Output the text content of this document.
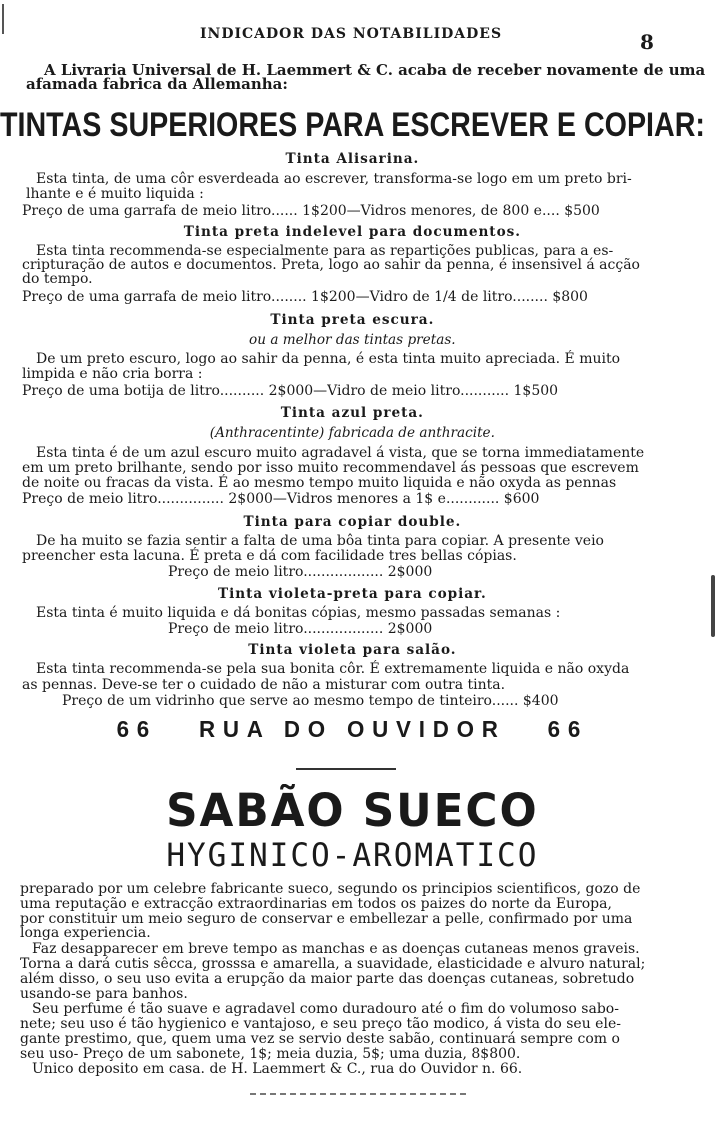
INDICADOR DAS NOTABILIDADES	8
A Livraria Universal de H. Laemmert & C. acaba de receber novamente de uma
afamada fabrica da Allemanha:
TINTAS SUPERIORES PARA ESCREVER E COPIAR:
Tinta Alisarina.
Esta tinta, de uma côr esverdeada ao escrever, transforma-se logo em um preto bri-
lhante e é muito liquida :
Preço de uma garrafa de meio litro...... 1$200—Vidros menores, de 800 e.... $500
Tinta preta indelevel para documentos.
Esta tinta recommenda-se especialmente para as repartições publicas, para a es-
cripturação de autos e documentos. Preta, logo ao sahir da penna, é insensivel á acção
do tempo.
Preço de uma garrafa de meio litro........ 1$200—Vidro de 1/4 de litro........ $800
Tinta preta escura.
ou a melhor das tintas pretas.
De um preto escuro, logo ao sahir da penna, é esta tinta muito apreciada. É muito
limpida e não cria borra :
Preço de uma botija de litro.......... 2$000—Vidro de meio litro........... 1$500
Tinta azul preta.
(Anthracentinte) fabricada de anthracite.
Esta tinta é de um azul escuro muito agradavel á vista, que se torna immediatamente
em um preto brilhante, sendo por isso muito recommendavel ás pessoas que escrevem
de noite ou fracas da vista. É ao mesmo tempo muito liquida e não oxyda as pennas
Preço de meio litro............... 2$000—Vidros menores a 1$ e............ $600
Tinta para copiar double.
De ha muito se fazia sentir a falta de uma bôa tinta para copiar. A presente veio
preencher esta lacuna. É preta e dá com facilidade tres bellas cópias.
Preço de meio litro.................. 2$000
Tinta violeta-preta para copiar.
Esta tinta é muito liquida e dá bonitas cópias, mesmo passadas semanas :
Preço de meio litro.................. 2$000
Tinta violeta para salão.
Esta tinta recommenda-se pela sua bonita côr. É extremamente liquida e não oxyda
as pennas. Deve-se ter o cuidado de não a misturar com outra tinta.
Preço de um vidrinho que serve ao mesmo tempo de tinteiro...... $400
66   RUA DO OUVIDOR   66
SABÃO SUECO
HYGINICO-AROMATICO
preparado por um celebre fabricante sueco, segundo os principios scientificos, gozo de
uma reputação e extracção extraordinarias em todos os paizes do norte da Europa,
por constituir um meio seguro de conservar e embellezar a pelle, confirmado por uma
longa experiencia.
Faz desapparecer em breve tempo as manchas e as doenças cutaneas menos graveis.
Torna a dará cutis sêcca, grosssa e amarella, a suavidade, elasticidade e alvuro natural;
além disso, o seu uso evita a erupção da maior parte das doenças cutaneas, sobretudo
usando-se para banhos.
Seu perfume é tão suave e agradavel como duradouro até o fim do volumoso sabo-
nete; seu uso é tão hygienico e vantajoso, e seu preço tão modico, á vista do seu ele-
gante prestimo, que, quem uma vez se servio deste sabão, continuará sempre com o
seu uso- Preço de um sabonete, 1$; meia duzia, 5$; uma duzia, 8$800.
Unico deposito em casa. de H. Laemmert & C., rua do Ouvidor n. 66.
